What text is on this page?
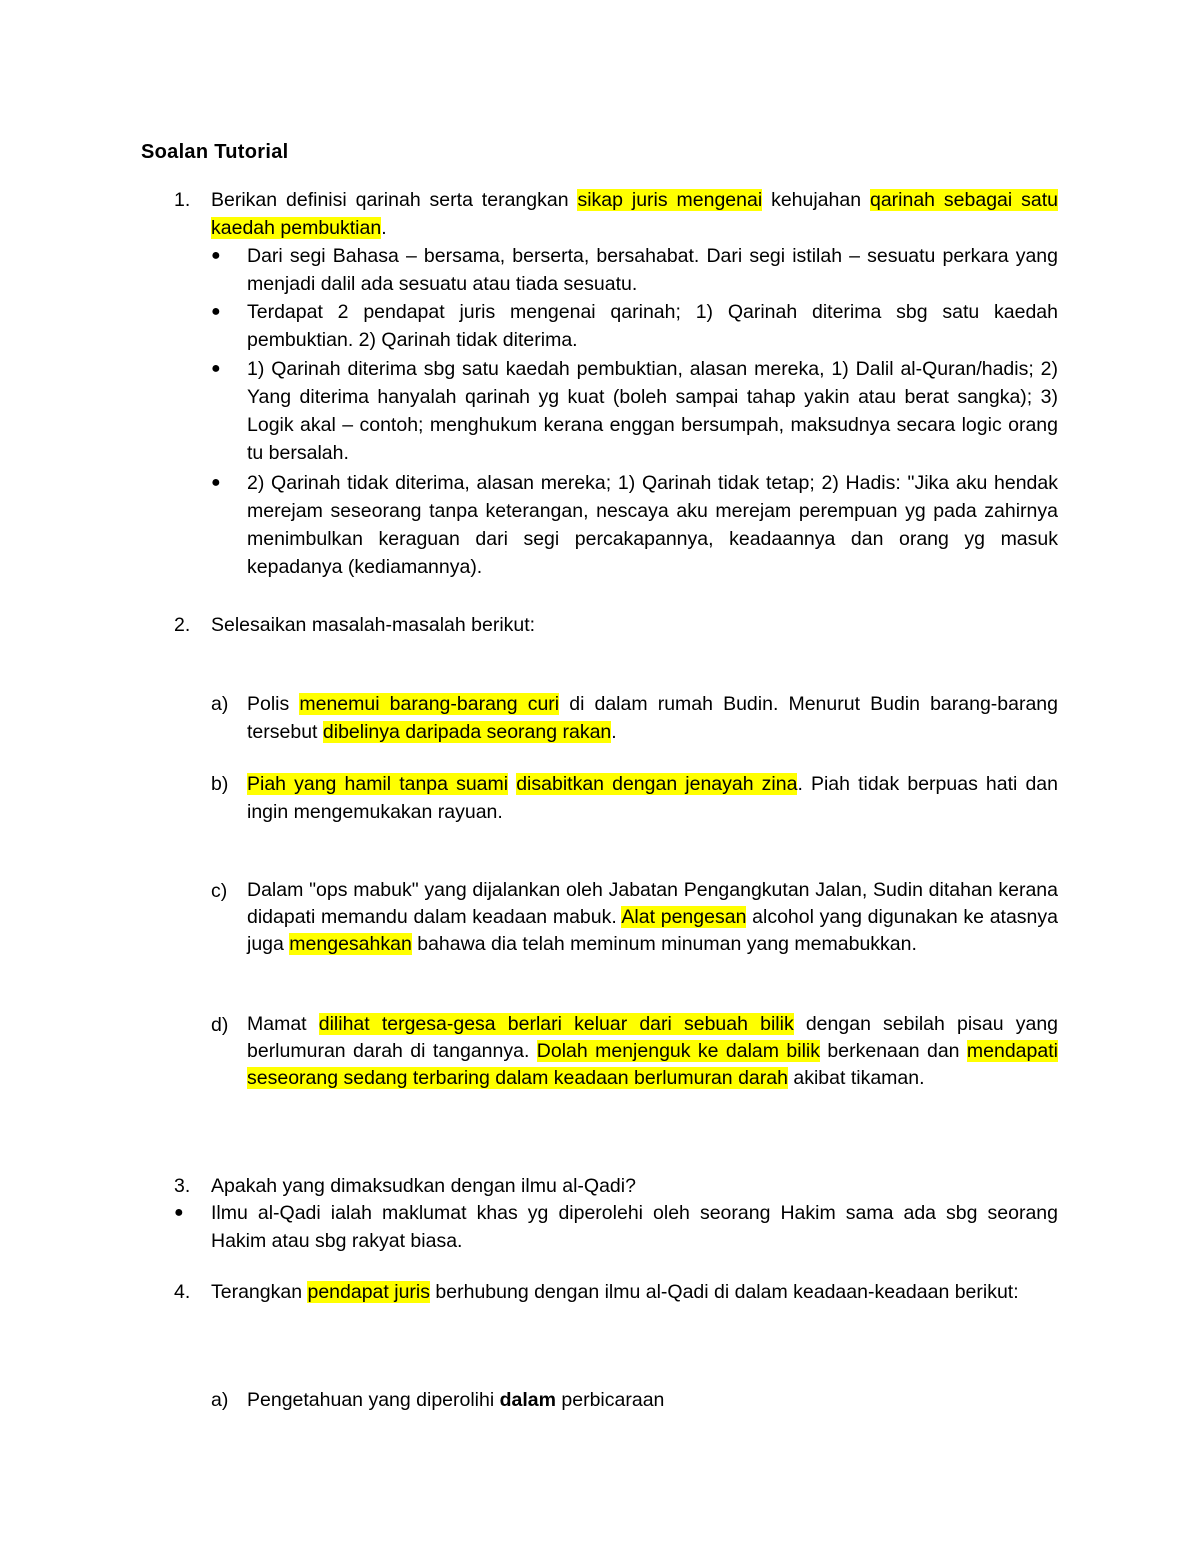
Soalan Tutorial
1. Berikan definisi qarinah serta terangkan sikap juris mengenai kehujahan qarinah sebagai satu kaedah pembuktian.
● Dari segi Bahasa – bersama, berserta, bersahabat. Dari segi istilah – sesuatu perkara yang menjadi dalil ada sesuatu atau tiada sesuatu.
● Terdapat 2 pendapat juris mengenai qarinah; 1) Qarinah diterima sbg satu kaedah pembuktian. 2) Qarinah tidak diterima.
● 1) Qarinah diterima sbg satu kaedah pembuktian, alasan mereka, 1) Dalil al-Quran/hadis; 2) Yang diterima hanyalah qarinah yg kuat (boleh sampai tahap yakin atau berat sangka); 3) Logik akal – contoh; menghukum kerana enggan bersumpah, maksudnya secara logic orang tu bersalah.
● 2) Qarinah tidak diterima, alasan mereka; 1) Qarinah tidak tetap; 2) Hadis: "Jika aku hendak merejam seseorang tanpa keterangan, nescaya aku merejam perempuan yg pada zahirnya menimbulkan keraguan dari segi percakapannya, keadaannya dan orang yg masuk kepadanya (kediamannya).
2. Selesaikan masalah-masalah berikut:
a) Polis menemui barang-barang curi di dalam rumah Budin. Menurut Budin barang-barang tersebut dibelinya daripada seorang rakan.
b) Piah yang hamil tanpa suami disabitkan dengan jenayah zina. Piah tidak berpuas hati dan ingin mengemukakan rayuan.
c) Dalam "ops mabuk" yang dijalankan oleh Jabatan Pengangkutan Jalan, Sudin ditahan kerana didapati memandu dalam keadaan mabuk. Alat pengesan alcohol yang digunakan ke atasnya juga mengesahkan bahawa dia telah meminum minuman yang memabukkan.
d) Mamat dilihat tergesa-gesa berlari keluar dari sebuah bilik dengan sebilah pisau yang berlumuran darah di tangannya. Dolah menjenguk ke dalam bilik berkenaan dan mendapati seseorang sedang terbaring dalam keadaan berlumuran darah akibat tikaman.
3. Apakah yang dimaksudkan dengan ilmu al-Qadi?
● Ilmu al-Qadi ialah maklumat khas yg diperolehi oleh seorang Hakim sama ada sbg seorang Hakim atau sbg rakyat biasa.
4. Terangkan pendapat juris berhubung dengan ilmu al-Qadi di dalam keadaan-keadaan berikut:
a) Pengetahuan yang diperolihi dalam perbicaraan
